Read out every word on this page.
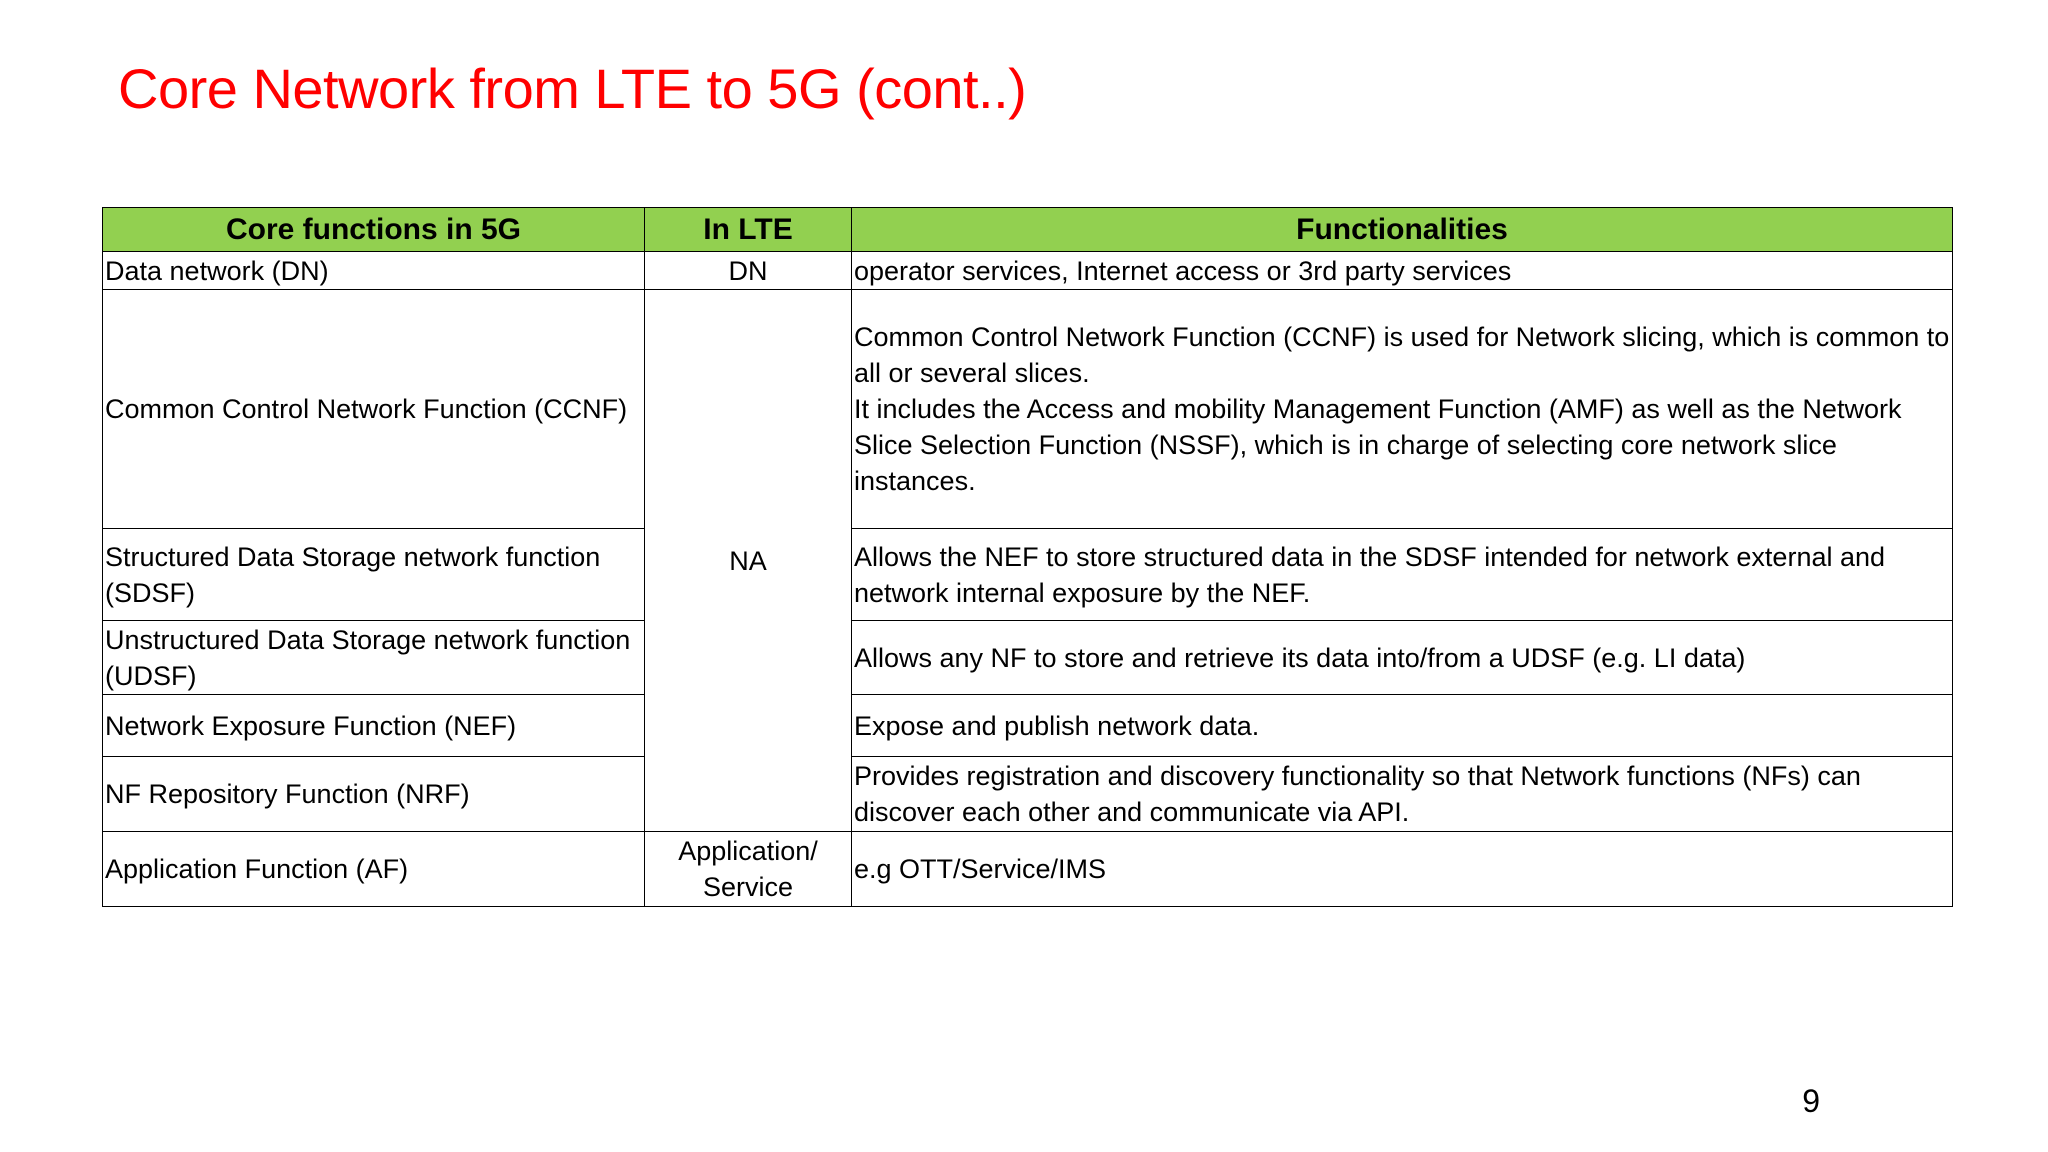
Core Network from LTE to 5G (cont..)
Core functions in 5G	In LTE	Functionalities
Data network (DN)	DN	operator services, Internet access or 3rd party services
Common Control Network Function (CCNF)	NA	Common Control Network Function (CCNF) is used for Network slicing, which is common to all or several slices.
It includes the Access and mobility Management Function (AMF) as well as the Network Slice Selection Function (NSSF), which is in charge of selecting core network slice instances.

Structured Data Storage network function (SDSF)		Allows the NEF to store structured data in the SDSF intended for network external and network internal exposure by the NEF.
Unstructured Data Storage network function (UDSF)		Allows any NF to store and retrieve its data into/from a UDSF (e.g. LI data)
Network Exposure Function (NEF)		Expose and publish network data.
NF Repository Function (NRF)		Provides registration and discovery functionality so that Network functions (NFs) can discover each other and communicate via API.
Application Function (AF)	Application/ Service	e.g OTT/Service/IMS
9
